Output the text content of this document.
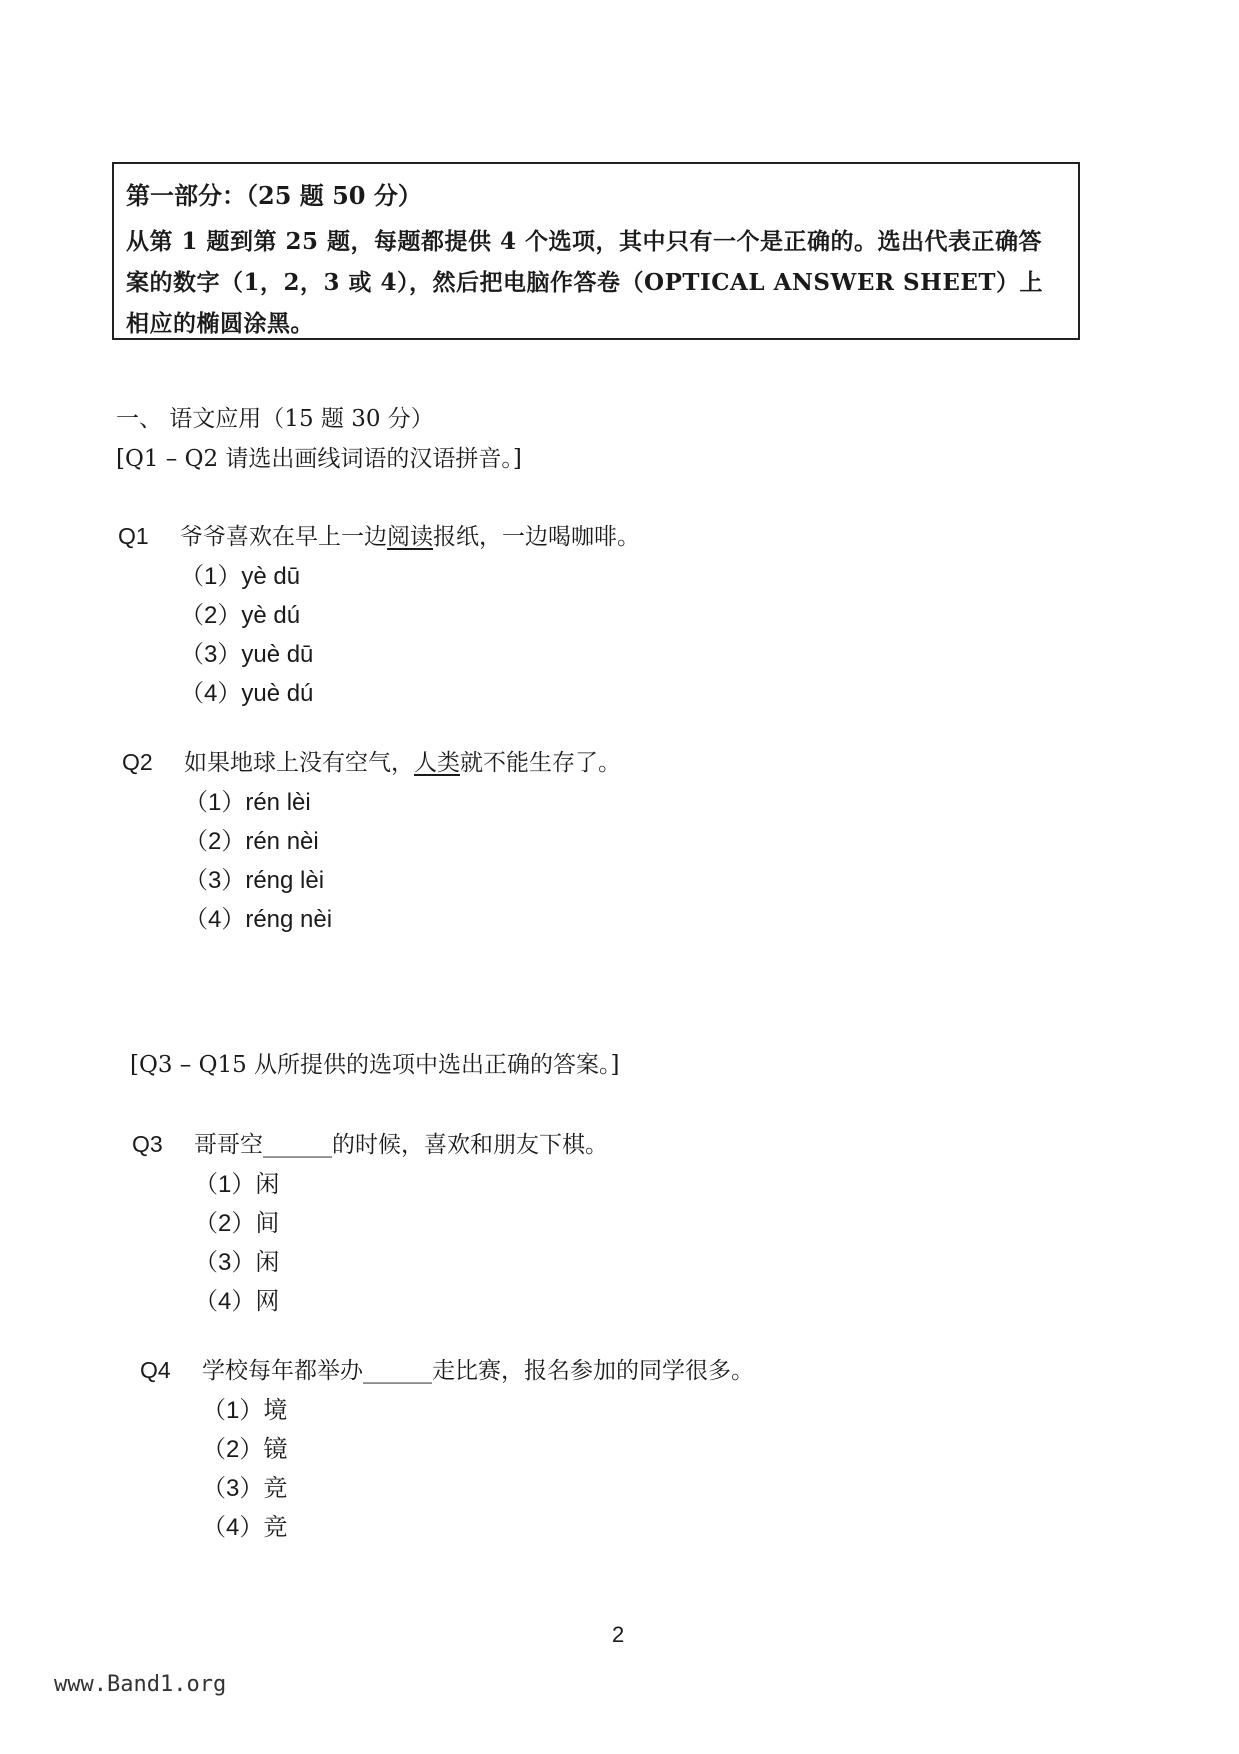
第一部分：（25 题 50 分）
从第 1 题到第 25 题，每题都提供 4 个选项，其中只有一个是正确的。选出代表正确答案的数字（1，2，3 或 4），然后把电脑作答卷（OPTICAL ANSWER SHEET）上相应的椭圆涂黑。
一、 语文应用（15 题 30 分）
[Q1 – Q2 请选出画线词语的汉语拼音。]
Q1	爷爷喜欢在早上一边阅读报纸，一边喝咖啡。
（1）yè dū
（2）yè dú
（3）yuè dū
（4）yuè dú
Q2	如果地球上没有空气，人类就不能生存了。
（1）rén lèi
（2）rén nèi
（3）réng lèi
（4）réng nèi
[Q3 – Q15 从所提供的选项中选出正确的答案。]
Q3	哥哥空______的时候，喜欢和朋友下棋。
（1）闲
（2）间
（3）闲
（4）网
Q4	学校每年都举办______走比赛，报名参加的同学很多。
（1）境
（2）镜
（3）竞
（4）竞
2
www.Band1.org
